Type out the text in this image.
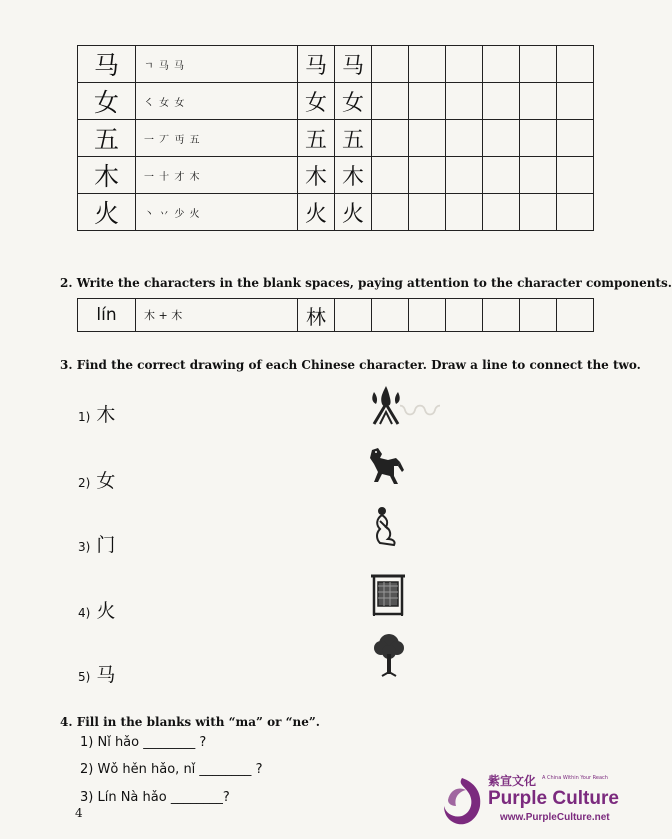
〰
马	ㄱ 马 马	马	马						
女	㇛ 女 女	女	女						
五	一 丆 丏 五	五	五						
木	一 十 才 木	木	木						
火	丶 丷 少 火	火	火						
2. Write the characters in the blank spaces, paying attention to the character components.
lín	木 + 木	林							
3. Find the correct drawing of each Chinese character. Draw a line to connect the two.
1) 木
2) 女
3) 门
4) 火
5) 马
4. Fill in the blanks with “ma” or “ne”.
1) Nǐ hǎo ________ ?
2) Wǒ hěn hǎo, nǐ ________ ?
3) Lín Nà hǎo ________?
4
紫宣文化 A China Within Your Reach
Purple Culture
www.PurpleCulture.net
